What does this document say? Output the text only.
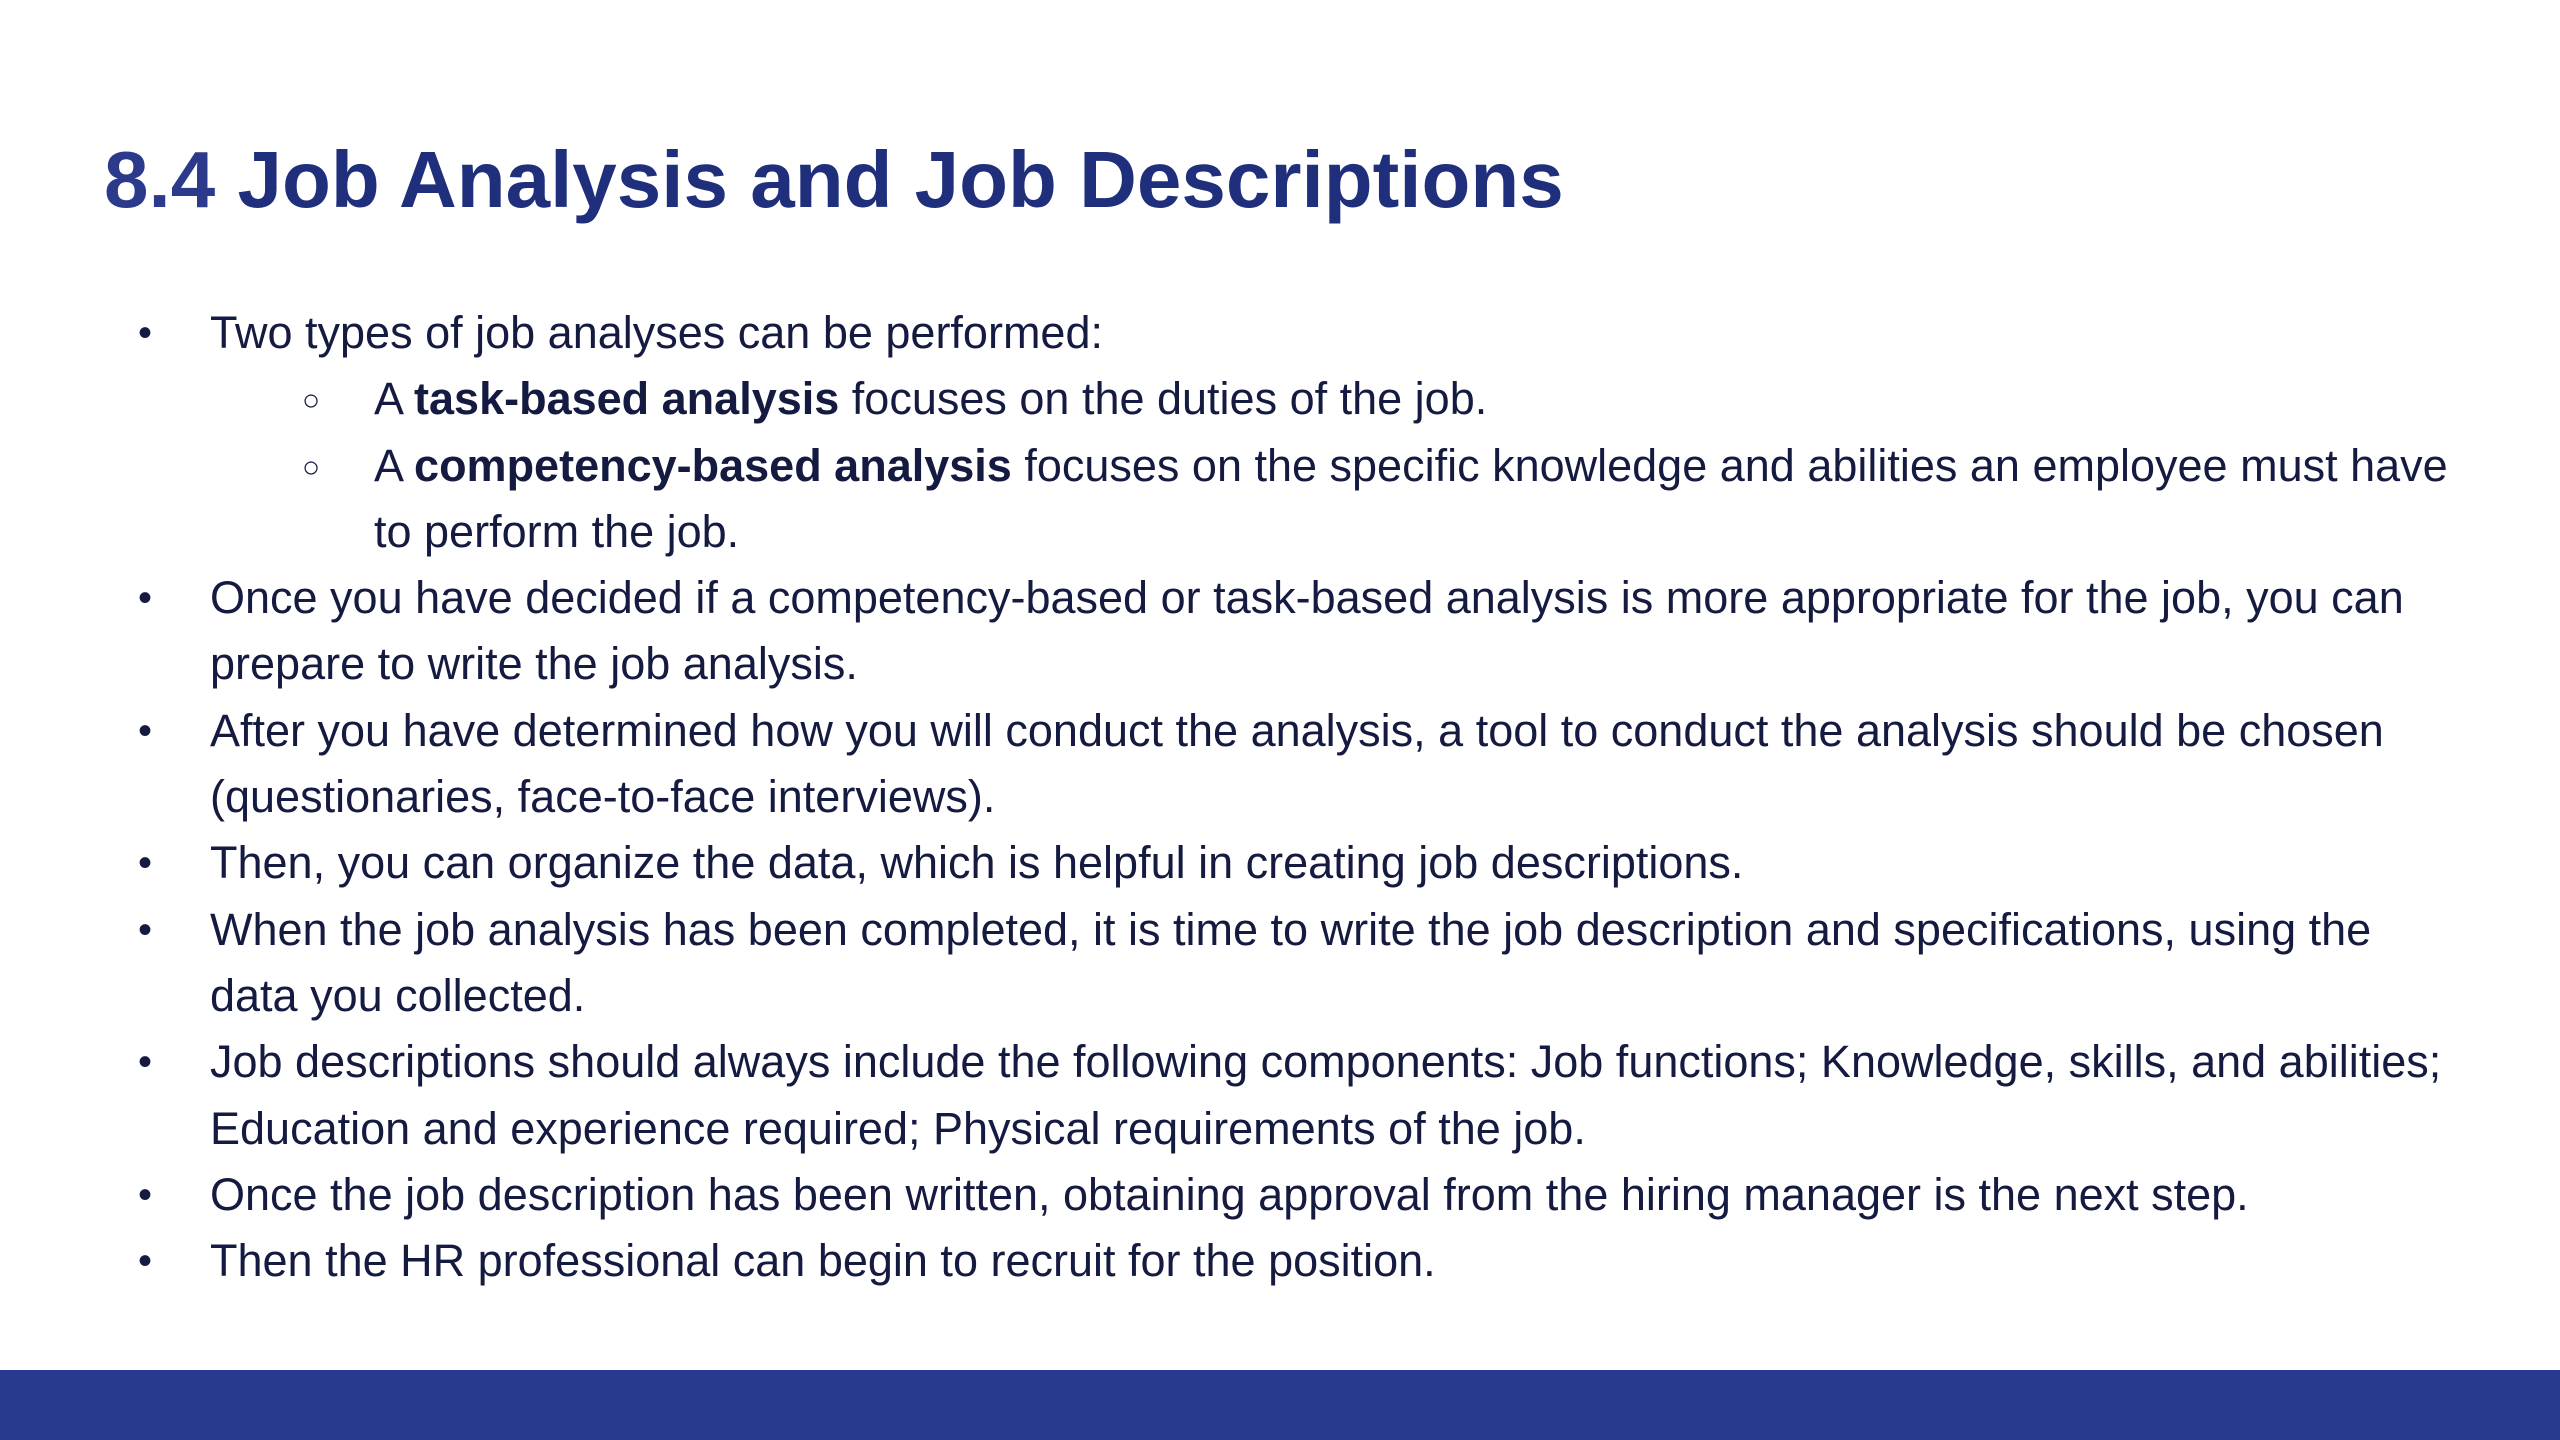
8.4 Job Analysis and Job Descriptions
• Two types of job analyses can be performed:
○ A task-based analysis focuses on the duties of the job.
○ A competency-based analysis focuses on the specific knowledge and abilities an employee must have to perform the job.
• Once you have decided if a competency-based or task-based analysis is more appropriate for the job, you can prepare to write the job analysis.
• After you have determined how you will conduct the analysis, a tool to conduct the analysis should be chosen (questionaries, face-to-face interviews).
• Then, you can organize the data, which is helpful in creating job descriptions.
• When the job analysis has been completed, it is time to write the job description and specifications, using the data you collected.
• Job descriptions should always include the following components: Job functions; Knowledge, skills, and abilities; Education and experience required; Physical requirements of the job.
• Once the job description has been written, obtaining approval from the hiring manager is the next step.
• Then the HR professional can begin to recruit for the position.
